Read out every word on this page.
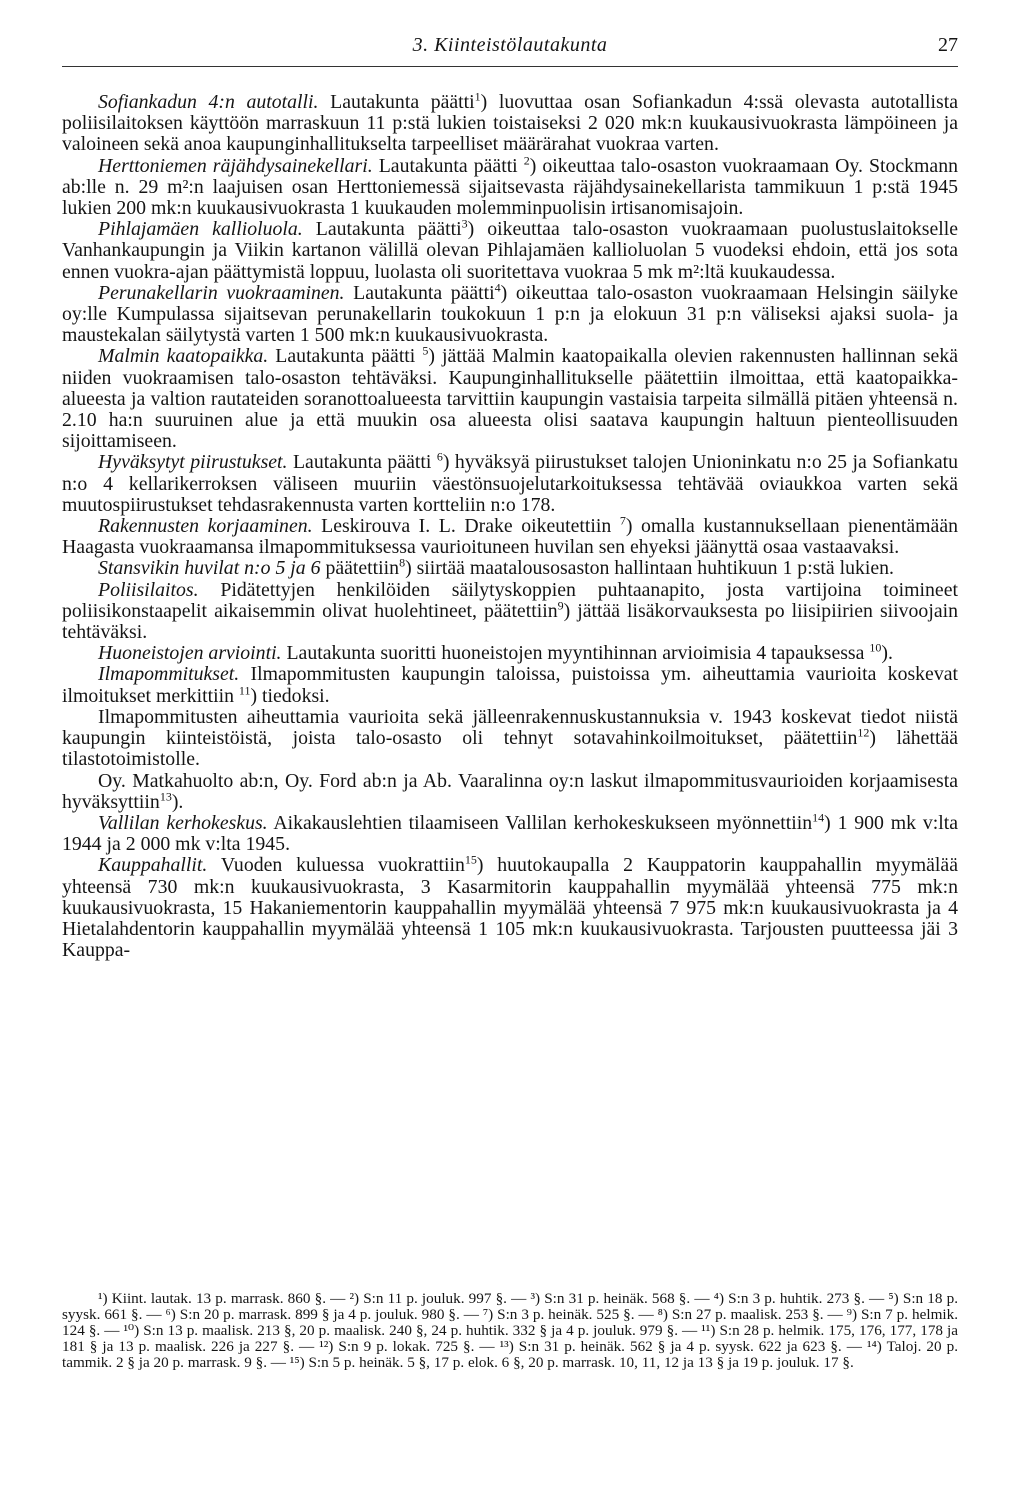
3. Kiinteistölautakunta	27

Sofiankadun 4:n autotalli. Lautakunta päätti$^1$) luovuttaa osan Sofiankadun 4:ssä olevasta autotallista poliisilaitoksen käyttöön marraskuun 11 p:stä lukien toistaiseksi 2 020 mk:n kuukausivuokrasta lämpöineen ja valoineen sekä anoa kaupunginhallitukselta tarpeelliset määrärahat vuokraa varten.

Herttoniemen räjähdysainekellari. Lautakunta päätti $^2$) oikeuttaa talo-osaston vuokraamaan Oy. Stockmann ab:lle n. 29 m²:n laajuisen osan Herttoniemessä sijaitsevasta räjähdysainekellarista tammikuun 1 p:stä 1945 lukien 200 mk:n kuukausivuokrasta 1 kuukauden molemminpuolisin irtisanomisajoin.

Pihlajamäen kallioluola. Lautakunta päätti$^3$) oikeuttaa talo-osaston vuokraamaan puolustuslaitokselle Vanhankaupungin ja Viikin kartanon välillä olevan Pihlajamäen kallioluolan 5 vuodeksi ehdoin, että jos sota ennen vuokra-ajan päättymistä loppuu, luolasta oli suoritettava vuokraa 5 mk m²:ltä kuukaudessa.

Perunakellarin vuokraaminen. Lautakunta päätti$^4$) oikeuttaa talo-osaston vuokraamaan Helsingin säilyke oy:lle Kumpulassa sijaitsevan perunakellarin toukokuun 1 p:n ja elokuun 31 p:n väliseksi ajaksi suola- ja maustekalan säilytystä varten 1 500 mk:n kuukausivuokrasta.

Malmin kaatopaikka. Lautakunta päätti $^5$) jättää Malmin kaatopaikalla olevien rakennusten hallinnan sekä niiden vuokraamisen talo-osaston tehtäväksi. Kaupunginhallitukselle päätettiin ilmoittaa, että kaatopaikka-alueesta ja valtion rautateiden soranottoalueesta tarvittiin kaupungin vastaisia tarpeita silmällä pitäen yhteensä n. 2.10 ha:n suuruinen alue ja että muukin osa alueesta olisi saatava kaupungin haltuun pienteollisuuden sijoittamiseen.

Hyväksytyt piirustukset. Lautakunta päätti $^6$) hyväksyä piirustukset talojen Unioninkatu n:o 25 ja Sofiankatu n:o 4 kellarikerroksen väliseen muuriin väestönsuojelutarkoituksessa tehtävää oviaukkoa varten sekä muutospiirustukset tehdasrakennusta varten kortteliin n:o 178.

Rakennusten korjaaminen. Leskirouva I. L. Drake oikeutettiin $^7$) omalla kustannuksellaan pienentämään Haagasta vuokraamansa ilmapommituksessa vaurioituneen huvilan sen ehyeksi jäänyttä osaa vastaavaksi.

Stansvikin huvilat n:o 5 ja 6 päätettiin$^8$) siirtää maatalousosaston hallintaan huhtikuun 1 p:stä lukien.

Poliisilaitos. Pidätettyjen henkilöiden säilytyskoppien puhtaanapito, josta vartijoina toimineet poliisikonstaapelit aikaisemmin olivat huolehtineet, päätettiin$^9$) jättää lisäkorvauksesta po liisipiirien siivoojain tehtäväksi.

Huoneistojen arviointi. Lautakunta suoritti huoneistojen myyntihinnan arvioimisia 4 tapauksessa $^{10}$).

Ilmapommitukset. Ilmapommitusten kaupungin taloissa, puistoissa ym. aiheuttamia vaurioita koskevat ilmoitukset merkittiin $^{11}$) tiedoksi.

Ilmapommitusten aiheuttamia vaurioita sekä jälleenrakennuskustannuksia v. 1943 koskevat tiedot niistä kaupungin kiinteistöistä, joista talo-osasto oli tehnyt sotavahinkoilmoitukset, päätettiin$^{12}$) lähettää tilastotoimistolle.

Oy. Matkahuolto ab:n, Oy. Ford ab:n ja Ab. Vaaralinna oy:n laskut ilmapommitusvaurioiden korjaamisesta hyväksyttiin$^{13}$).

Vallilan kerhokeskus. Aikakauslehtien tilaamiseen Vallilan kerhokeskukseen myönnettiin$^{14}$) 1 900 mk v:lta 1944 ja 2 000 mk v:lta 1945.

Kauppahallit. Vuoden kuluessa vuokrattiin$^{15}$) huutokaupalla 2 Kauppatorin kauppahallin myymälää yhteensä 730 mk:n kuukausivuokrasta, 3 Kasarmitorin kauppahallin myymälää yhteensä 775 mk:n kuukausivuokrasta, 15 Hakaniementorin kauppahallin myymälää yhteensä 7 975 mk:n kuukausivuokrasta ja 4 Hietalahdentorin kauppahallin myymälää yhteensä 1 105 mk:n kuukausivuokrasta. Tarjousten puutteessa jäi 3 Kauppa-

¹) Kiint. lautak. 13 p. marrask. 860 §. — ²) S:n 11 p. jouluk. 997 §. — ³) S:n 31 p. heinäk. 568 §. — ⁴) S:n 3 p. huhtik. 273 §. — ⁵) S:n 18 p. syysk. 661 §. — ⁶) S:n 20 p. marrask. 899 § ja 4 p. jouluk. 980 §. — ⁷) S:n 3 p. heinäk. 525 §. — ⁸) S:n 27 p. maalisk. 253 §. — ⁹) S:n 7 p. helmik. 124 §. — ¹⁰) S:n 13 p. maalisk. 213 §, 20 p. maalisk. 240 §, 24 p. huhtik. 332 § ja 4 p. jouluk. 979 §. — ¹¹) S:n 28 p. helmik. 175, 176, 177, 178 ja 181 § ja 13 p. maalisk. 226 ja 227 §. — ¹²) S:n 9 p. lokak. 725 §. — ¹³) S:n 31 p. heinäk. 562 § ja 4 p. syysk. 622 ja 623 §. — ¹⁴) Taloj. 20 p. tammik. 2 § ja 20 p. marrask. 9 §. — ¹⁵) S:n 5 p. heinäk. 5 §, 17 p. elok. 6 §, 20 p. marrask. 10, 11, 12 ja 13 § ja 19 p. jouluk. 17 §.
